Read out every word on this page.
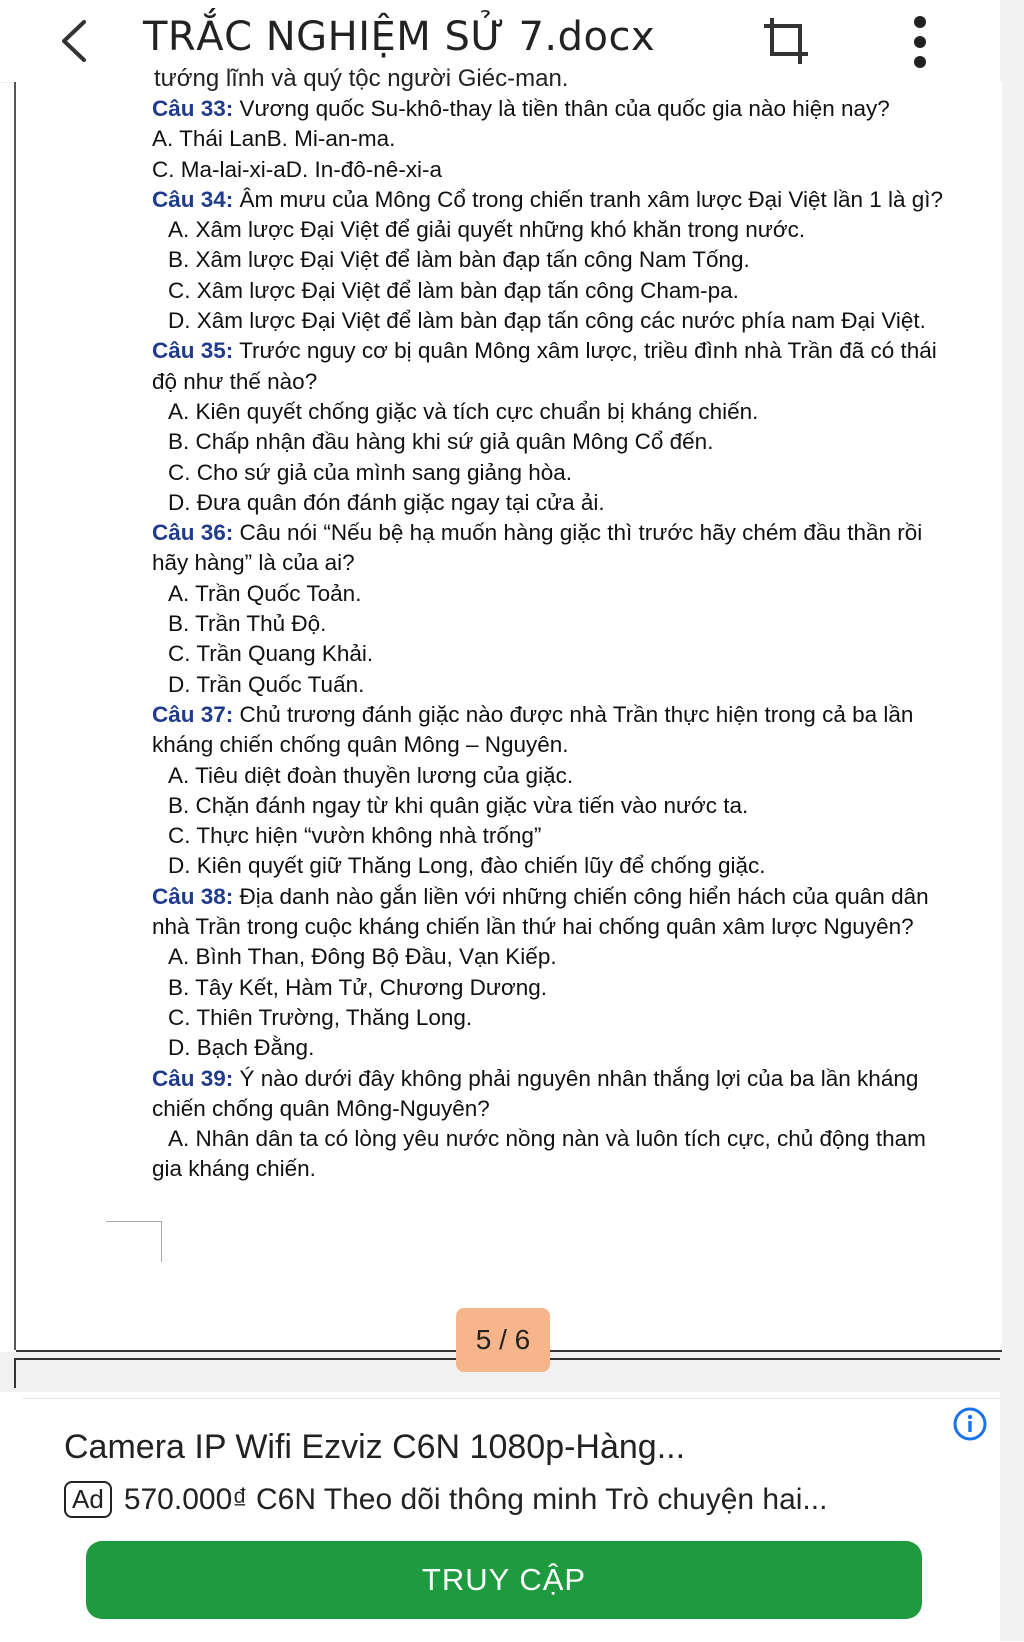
TRẮC NGHIỆM SỬ 7.docx
tướng lĩnh và quý tộc người Giéc-man.
Câu 33: Vương quốc Su-khô-thay là tiền thân của quốc gia nào hiện nay?
A. Thái LanB. Mi-an-ma.
C. Ma-lai-xi-aD. In-đô-nê-xi-a
Câu 34: Âm mưu của Mông Cổ trong chiến tranh xâm lược Đại Việt lần 1 là gì?
A. Xâm lược Đại Việt để giải quyết những khó khăn trong nước.
B. Xâm lược Đại Việt để làm bàn đạp tấn công Nam Tống.
C. Xâm lược Đại Việt để làm bàn đạp tấn công Cham-pa.
D. Xâm lược Đại Việt để làm bàn đạp tấn công các nước phía nam Đại Việt.
Câu 35: Trước nguy cơ bị quân Mông xâm lược, triều đình nhà Trần đã có thái
độ như thế nào?
A. Kiên quyết chống giặc và tích cực chuẩn bị kháng chiến.
B. Chấp nhận đầu hàng khi sứ giả quân Mông Cổ đến.
C. Cho sứ giả của mình sang giảng hòa.
D. Đưa quân đón đánh giặc ngay tại cửa ải.
Câu 36: Câu nói “Nếu bệ hạ muốn hàng giặc thì trước hãy chém đầu thần rồi
hãy hàng” là của ai?
A. Trần Quốc Toản.
B. Trần Thủ Độ.
C. Trần Quang Khải.
D. Trần Quốc Tuấn.
Câu 37: Chủ trương đánh giặc nào được nhà Trần thực hiện trong cả ba lần
kháng chiến chống quân Mông – Nguyên.
A. Tiêu diệt đoàn thuyền lương của giặc.
B. Chặn đánh ngay từ khi quân giặc vừa tiến vào nước ta.
C. Thực hiện “vườn không nhà trống”
D. Kiên quyết giữ Thăng Long, đào chiến lũy để chống giặc.
Câu 38: Địa danh nào gắn liền với những chiến công hiển hách của quân dân
nhà Trần trong cuộc kháng chiến lần thứ hai chống quân xâm lược Nguyên?
A. Bình Than, Đông Bộ Đầu, Vạn Kiếp.
B. Tây Kết, Hàm Tử, Chương Dương.
C. Thiên Trường, Thăng Long.
D. Bạch Đằng.
Câu 39: Ý nào dưới đây không phải nguyên nhân thắng lợi của ba lần kháng
chiến chống quân Mông-Nguyên?
A. Nhân dân ta có lòng yêu nước nồng nàn và luôn tích cực, chủ động tham
gia kháng chiến.
5 / 6
Camera IP Wifi Ezviz C6N 1080p-Hàng...
Ad 570.000₫ C6N Theo dõi thông minh Trò chuyện hai...
TRUY CẬP
